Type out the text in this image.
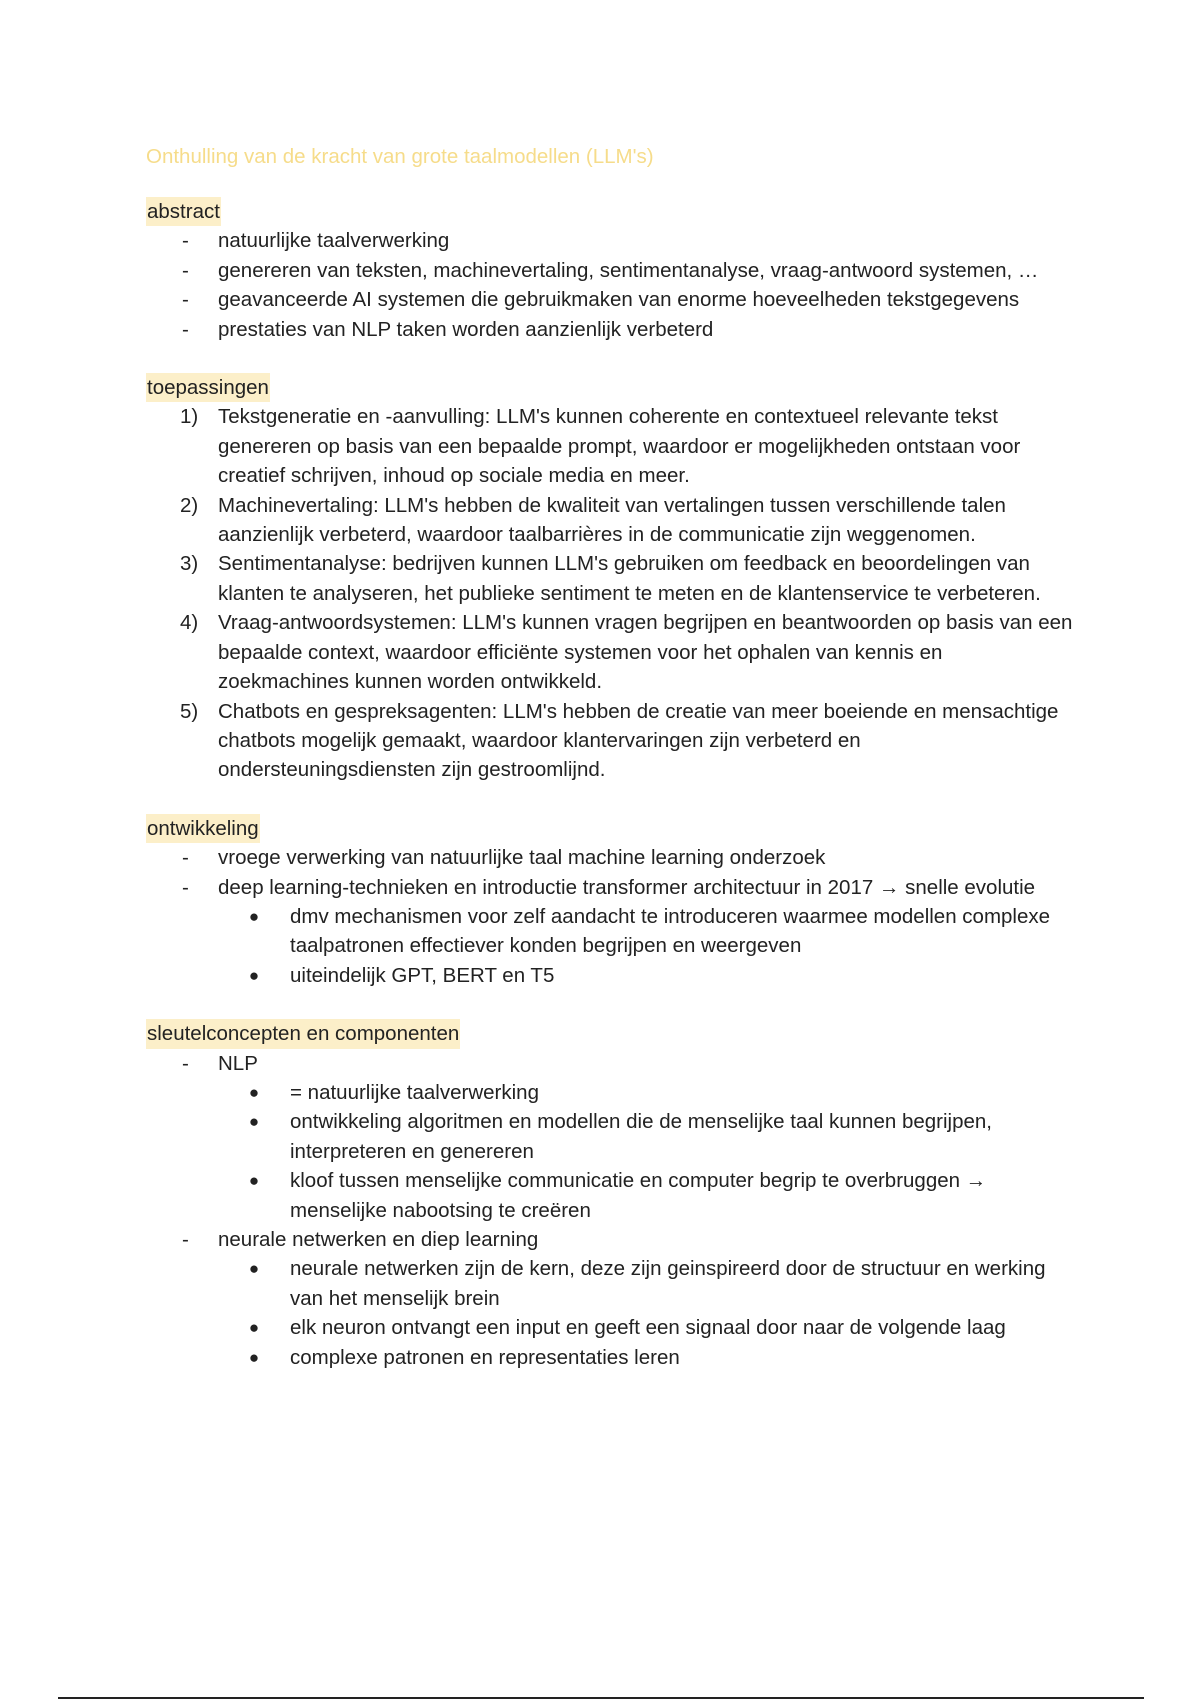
Onthulling van de kracht van grote taalmodellen (LLM's)
abstract
- natuurlijke taalverwerking
- genereren van teksten, machinevertaling, sentimentanalyse, vraag-antwoord systemen, …
- geavanceerde AI systemen die gebruikmaken van enorme hoeveelheden tekstgegevens
- prestaties van NLP taken worden aanzienlijk verbeterd
toepassingen
1) Tekstgeneratie en -aanvulling: LLM's kunnen coherente en contextueel relevante tekst genereren op basis van een bepaalde prompt, waardoor er mogelijkheden ontstaan voor creatief schrijven, inhoud op sociale media en meer.
2) Machinevertaling: LLM's hebben de kwaliteit van vertalingen tussen verschillende talen aanzienlijk verbeterd, waardoor taalbarrières in de communicatie zijn weggenomen.
3) Sentimentanalyse: bedrijven kunnen LLM's gebruiken om feedback en beoordelingen van klanten te analyseren, het publieke sentiment te meten en de klantenservice te verbeteren.
4) Vraag-antwoordsystemen: LLM's kunnen vragen begrijpen en beantwoorden op basis van een bepaalde context, waardoor efficiënte systemen voor het ophalen van kennis en zoekmachines kunnen worden ontwikkeld.
5) Chatbots en gespreksagenten: LLM's hebben de creatie van meer boeiende en mensachtige chatbots mogelijk gemaakt, waardoor klantervaringen zijn verbeterd en ondersteuningsdiensten zijn gestroomlijnd.
ontwikkeling
- vroege verwerking van natuurlijke taal machine learning onderzoek
- deep learning-technieken en introductie transformer architectuur in 2017 → snelle evolutie
●	dmv mechanismen voor zelf aandacht te introduceren waarmee modellen complexe taalpatronen effectiever konden begrijpen en weergeven
●	uiteindelijk GPT, BERT en T5
sleutelconcepten en componenten
- NLP
●	= natuurlijke taalverwerking
●	ontwikkeling algoritmen en modellen die de menselijke taal kunnen begrijpen, interpreteren en genereren
●	kloof tussen menselijke communicatie en computer begrip te overbruggen → menselijke nabootsing te creëren
- neurale netwerken en diep learning
●	neurale netwerken zijn de kern, deze zijn geinspireerd door de structuur en werking van het menselijk brein
●	elk neuron ontvangt een input en geeft een signaal door naar de volgende laag
●	complexe patronen en representaties leren
